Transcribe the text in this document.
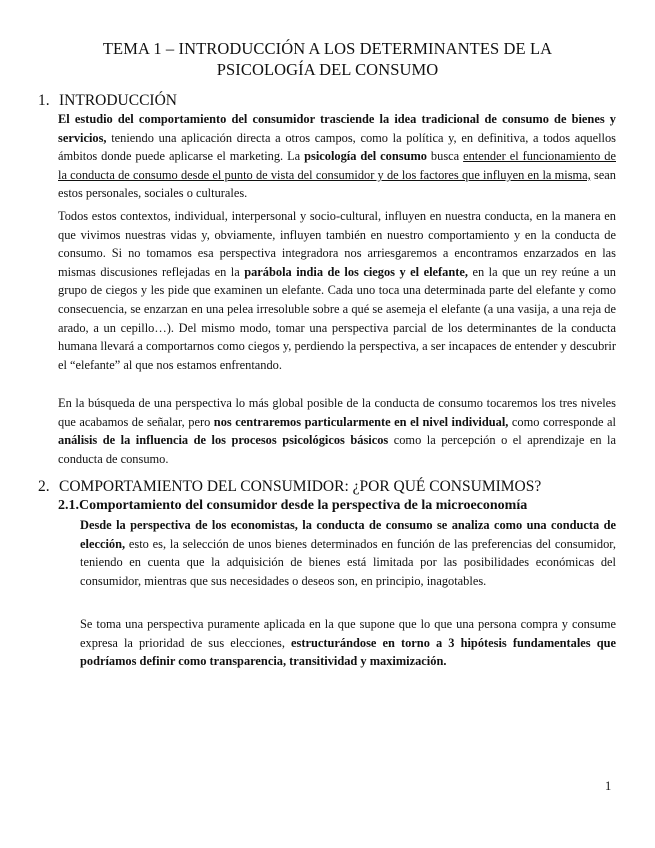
TEMA 1 – INTRODUCCIÓN A LOS DETERMINANTES DE LA
PSICOLOGÍA DEL CONSUMO
1. INTRODUCCIÓN

El estudio del comportamiento del consumidor trasciende la idea tradicional de consumo de bienes y servicios, teniendo una aplicación directa a otros campos, como la política y, en definitiva, a todos aquellos ámbitos donde puede aplicarse el marketing. La psicología del consumo busca entender el funcionamiento de la conducta de consumo desde el punto de vista del consumidor y de los factores que influyen en la misma, sean estos personales, sociales o culturales.

Todos estos contextos, individual, interpersonal y socio-cultural, influyen en nuestra conducta, en la manera en que vivimos nuestras vidas y, obviamente, influyen también en nuestro comportamiento y en la conducta de consumo. Si no tomamos esa perspectiva integradora nos arriesgaremos a encontramos enzarzados en las mismas discusiones reflejadas en la parábola india de los ciegos y el elefante, en la que un rey reúne a un grupo de ciegos y les pide que examinen un elefante. Cada uno toca una determinada parte del elefante y como consecuencia, se enzarzan en una pelea irresoluble sobre a qué se asemeja el elefante (a una vasija, a una reja de arado, a un cepillo…). Del mismo modo, tomar una perspectiva parcial de los determinantes de la conducta humana llevará a comportarnos como ciegos y, perdiendo la perspectiva, a ser incapaces de entender y descubrir el “elefante” al que nos estamos enfrentando.

En la búsqueda de una perspectiva lo más global posible de la conducta de consumo tocaremos los tres niveles que acabamos de señalar, pero nos centraremos particularmente en el nivel individual, como corresponde al análisis de la influencia de los procesos psicológicos básicos como la percepción o el aprendizaje en la conducta de consumo.

2. COMPORTAMIENTO DEL CONSUMIDOR: ¿POR QUÉ CONSUMIMOS?
2.1.Comportamiento del consumidor desde la perspectiva de la microeconomía

Desde la perspectiva de los economistas, la conducta de consumo se analiza como una conducta de elección, esto es, la selección de unos bienes determinados en función de las preferencias del consumidor, teniendo en cuenta que la adquisición de bienes está limitada por las posibilidades económicas del consumidor, mientras que sus necesidades o deseos son, en principio, inagotables.

Se toma una perspectiva puramente aplicada en la que supone que lo que una persona compra y consume expresa la prioridad de sus elecciones, estructurándose en torno a 3 hipótesis fundamentales que podríamos definir como transparencia, transitividad y maximización.

1
